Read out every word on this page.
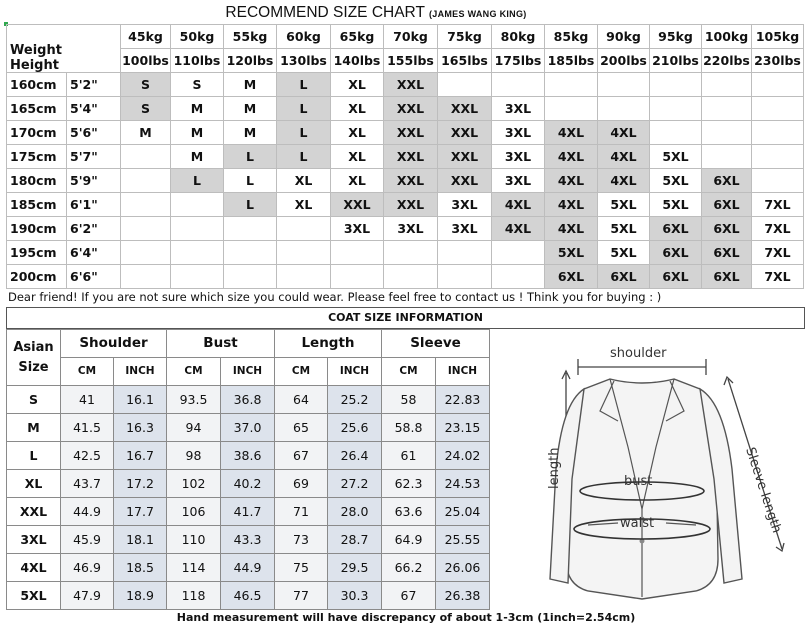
RECOMMEND SIZE CHART (JAMES WANG KING)
Weight
Height		45kg	50kg	55kg	60kg	65kg	70kg	75kg	80kg	85kg	90kg	95kg	100kg	105kg
		100lbs	110lbs	120lbs	130lbs	140lbs	155lbs	165lbs	175lbs	185lbs	200lbs	210lbs	220lbs	230lbs
160cm	5'2"	S	S	M	L	XL	XXL							
165cm	5'4"	S	M	M	L	XL	XXL	XXL	3XL					
170cm	5'6"	M	M	M	L	XL	XXL	XXL	3XL	4XL	4XL			
175cm	5'7"		M	L	L	XL	XXL	XXL	3XL	4XL	4XL	5XL		
180cm	5'9"		L	L	XL	XL	XXL	XXL	3XL	4XL	4XL	5XL	6XL	
185cm	6'1"			L	XL	XXL	XXL	3XL	4XL	4XL	5XL	5XL	6XL	7XL
190cm	6'2"					3XL	3XL	3XL	4XL	4XL	5XL	6XL	6XL	7XL
195cm	6'4"									5XL	5XL	6XL	6XL	7XL
200cm	6'6"									6XL	6XL	6XL	6XL	7XL
Dear friend! If you are not sure which size you could wear. Please feel free to contact us ! Think you for buying : )
COAT SIZE INFORMATION
Asian
Size	Shoulder		Bust		Length		Sleeve	
	CM	INCH	CM	INCH	CM	INCH	CM	INCH
S	41	16.1	93.5	36.8	64	25.2	58	22.83
M	41.5	16.3	94	37.0	65	25.6	58.8	23.15
L	42.5	16.7	98	38.6	67	26.4	61	24.02
XL	43.7	17.2	102	40.2	69	27.2	62.3	24.53
XXL	44.9	17.7	106	41.7	71	28.0	63.6	25.04
3XL	45.9	18.1	110	43.3	73	28.7	64.9	25.55
4XL	46.9	18.5	114	44.9	75	29.5	66.2	26.06
5XL	47.9	18.9	118	46.5	77	30.3	67	26.38
shoulder
length	bust
waist	Sleeve length
Hand measurement will have discrepancy of about 1-3cm (1inch=2.54cm)
